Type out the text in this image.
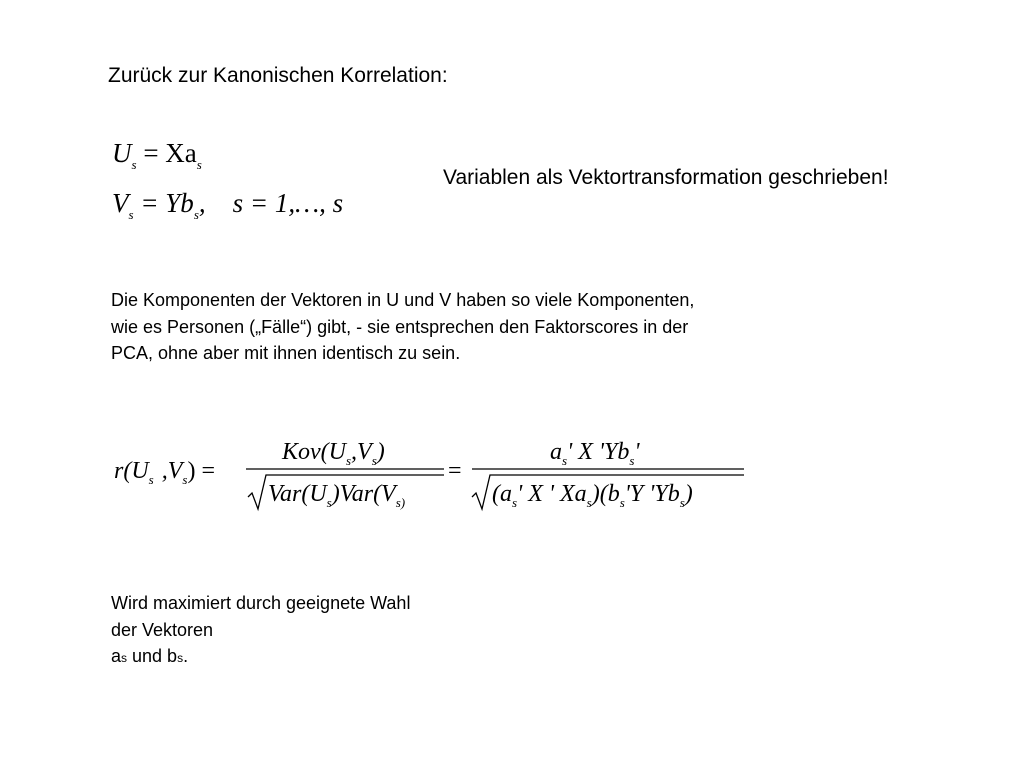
Zurück zur Kanonischen Korrelation:
$U_s = Xa_s$
$V_s = Yb_s$,    s = 1,…, s
Variablen als Vektortransformation geschrieben!
Die Komponenten der Vektoren in U und V haben so viele Komponenten, wie es Personen („Fälle“) gibt, - sie entsprechen den Faktorscores in der PCA, ohne aber mit ihnen identisch zu sein.
$r(U_s$ $,V_s$) =
$Kov(U_s,V_s)$
$Var(U_s)Var(V_{s)}$
=
$a_s'$ X '$Yb_s$'
($a_s'$ X ' $Xa_s)(b_s'Y$ '$Yb_s$)
Wird maximiert durch geeignete Wahl der Vektoren
as und bs.
